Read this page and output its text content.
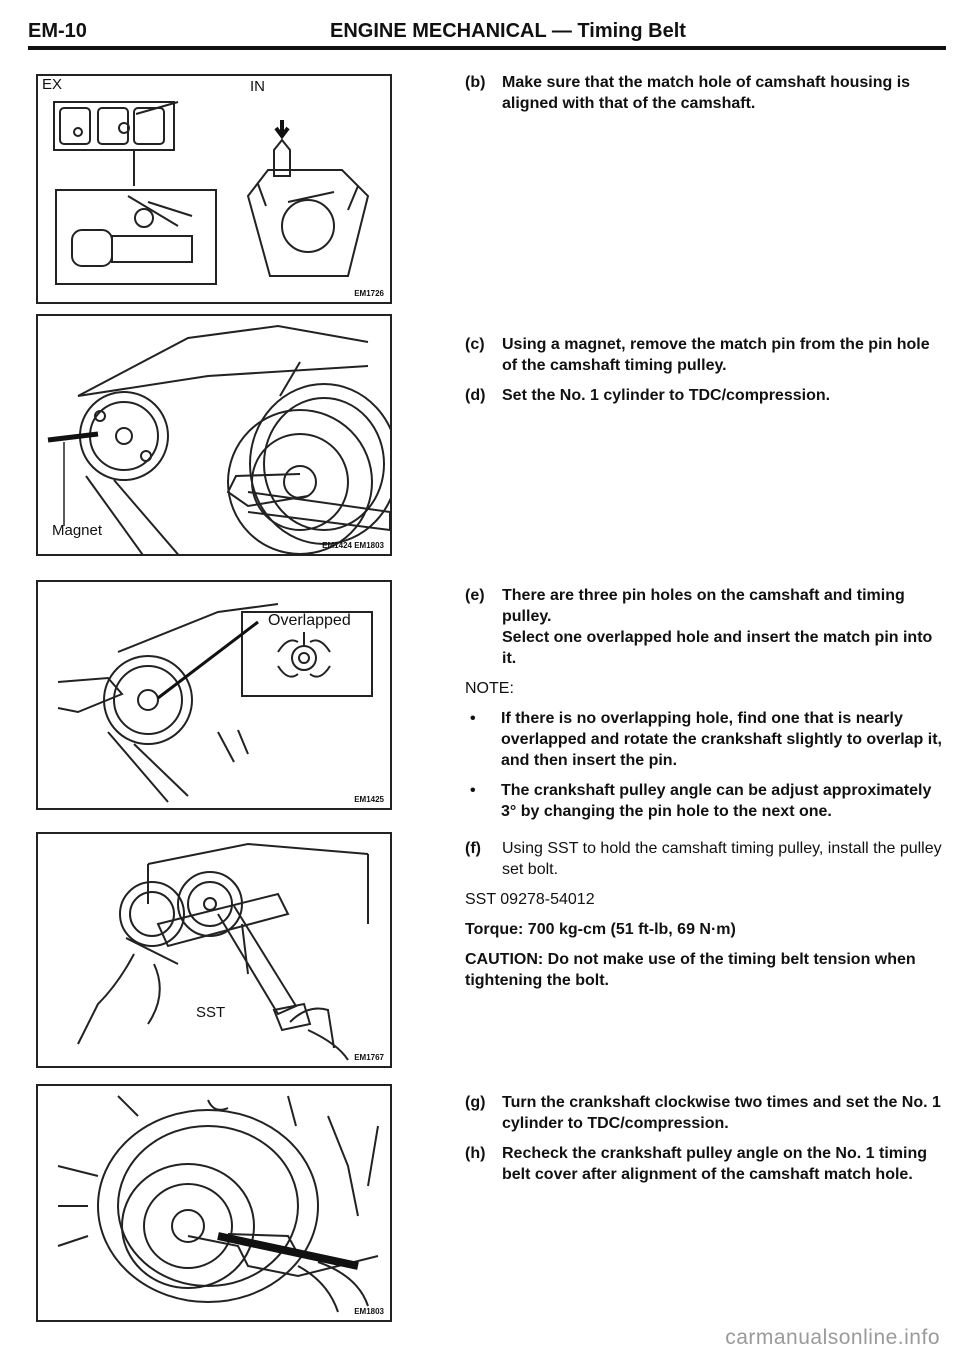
EM-10	ENGINE MECHANICAL — Timing Belt
EX	IN
EM1726
Magnet
EM1424 EM1803
Overlapped
EM1425
SST
EM1767
EM1803
(b) Make sure that the match hole of camshaft housing is aligned with that of the camshaft.
(c) Using a magnet, remove the match pin from the pin hole of the camshaft timing pulley.
(d) Set the No. 1 cylinder to TDC/compression.
(e) There are three pin holes on the camshaft and timing pulley.
Select one overlapped hole and insert the match pin into it.
NOTE:
• If there is no overlapping hole, find one that is nearly overlapped and rotate the crankshaft slightly to overlap it, and then insert the pin.
• The crankshaft pulley angle can be adjust approximately 3° by changing the pin hole to the next one.
(f) Using SST to hold the camshaft timing pulley, install the pulley set bolt.
SST 09278-54012
Torque: 700 kg-cm (51 ft-lb, 69 N·m)
CAUTION: Do not make use of the timing belt tension when tightening the bolt.
(g) Turn the crankshaft clockwise two times and set the No. 1 cylinder to TDC/compression.
(h) Recheck the crankshaft pulley angle on the No. 1 timing belt cover after alignment of the camshaft match hole.
carmanualsonline.info
